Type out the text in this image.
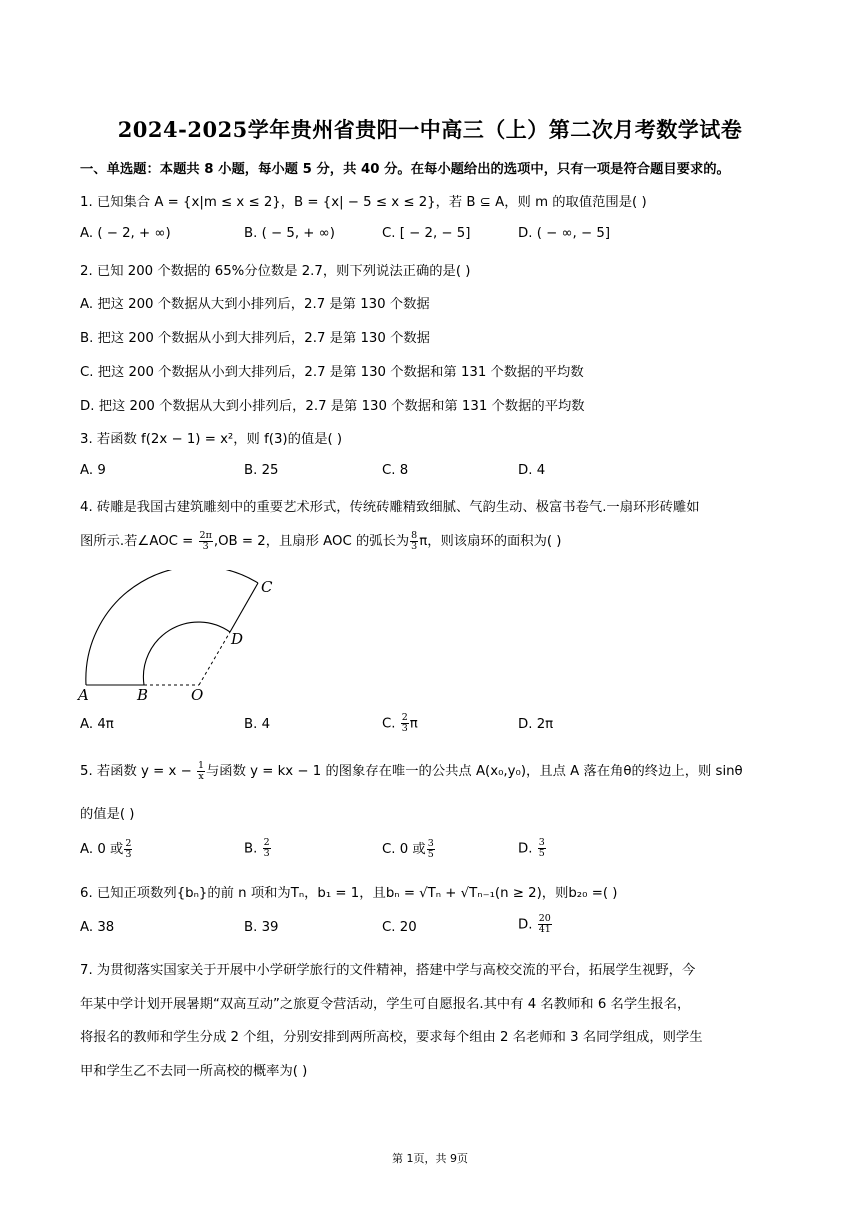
2024-2025学年贵州省贵阳一中高三（上）第二次月考数学试卷
一、单选题：本题共 8 小题，每小题 5 分，共 40 分。在每小题给出的选项中，只有一项是符合题目要求的。
1. 已知集合 A = {x|m ≤ x ≤ 2}，B = {x| − 5 ≤ x ≤ 2}，若 B ⊆ A，则 m 的取值范围是( )
A. ( − 2, + ∞)	B. ( − 5, + ∞)	C. [ − 2, − 5]	D. ( − ∞, − 5]
2. 已知 200 个数据的 65%分位数是 2.7，则下列说法正确的是( )
A. 把这 200 个数据从大到小排列后，2.7 是第 130 个数据
B. 把这 200 个数据从小到大排列后，2.7 是第 130 个数据
C. 把这 200 个数据从小到大排列后，2.7 是第 130 个数据和第 131 个数据的平均数
D. 把这 200 个数据从大到小排列后，2.7 是第 130 个数据和第 131 个数据的平均数
3. 若函数 f(2x − 1) = x²，则 f(3)的值是( )
A. 9	B. 25	C. 8	D. 4
4. 砖雕是我国古建筑雕刻中的重要艺术形式，传统砖雕精致细腻、气韵生动、极富书卷气.一扇环形砖雕如
图所示.若∠AOC = $\frac{2\pi}{3} ,OB = 2$，且扇形 AOC 的弧长为 $\frac{8}{3}$ π，则该扇环的面积为( )
A	B	O
C
D
A. 4π	B. 4	C. $\frac{2}{3}$ π	D. 2π
5. 若函数 $y = x - \frac{1}{x}$ 与函数 y = kx − 1 的图象存在唯一的公共点 A(x₀,y₀)，且点 A 落在角θ的终边上，则 sinθ
的值是( )
A. 0 或 $\frac{2}{3}$	B. $\frac{2}{3}$	C. 0 或 $\frac{3}{5}$	D. $\frac{3}{5}$
6. 已知正项数列{bₙ}的前 n 项和为Tₙ，b₁ = 1，且bₙ = √Tₙ + √Tₙ₋₁(n ≥ 2)，则b₂₀ =( )
A. 38	B. 39	C. 20	D. $\frac{20}{41}$
7. 为贯彻落实国家关于开展中小学研学旅行的文件精神，搭建中学与高校交流的平台，拓展学生视野，今
年某中学计划开展暑期“双高互动”之旅夏令营活动，学生可自愿报名.其中有 4 名教师和 6 名学生报名，
将报名的教师和学生分成 2 个组，分别安排到两所高校，要求每个组由 2 名老师和 3 名同学组成，则学生
甲和学生乙不去同一所高校的概率为( )
第 1页，共 9页
